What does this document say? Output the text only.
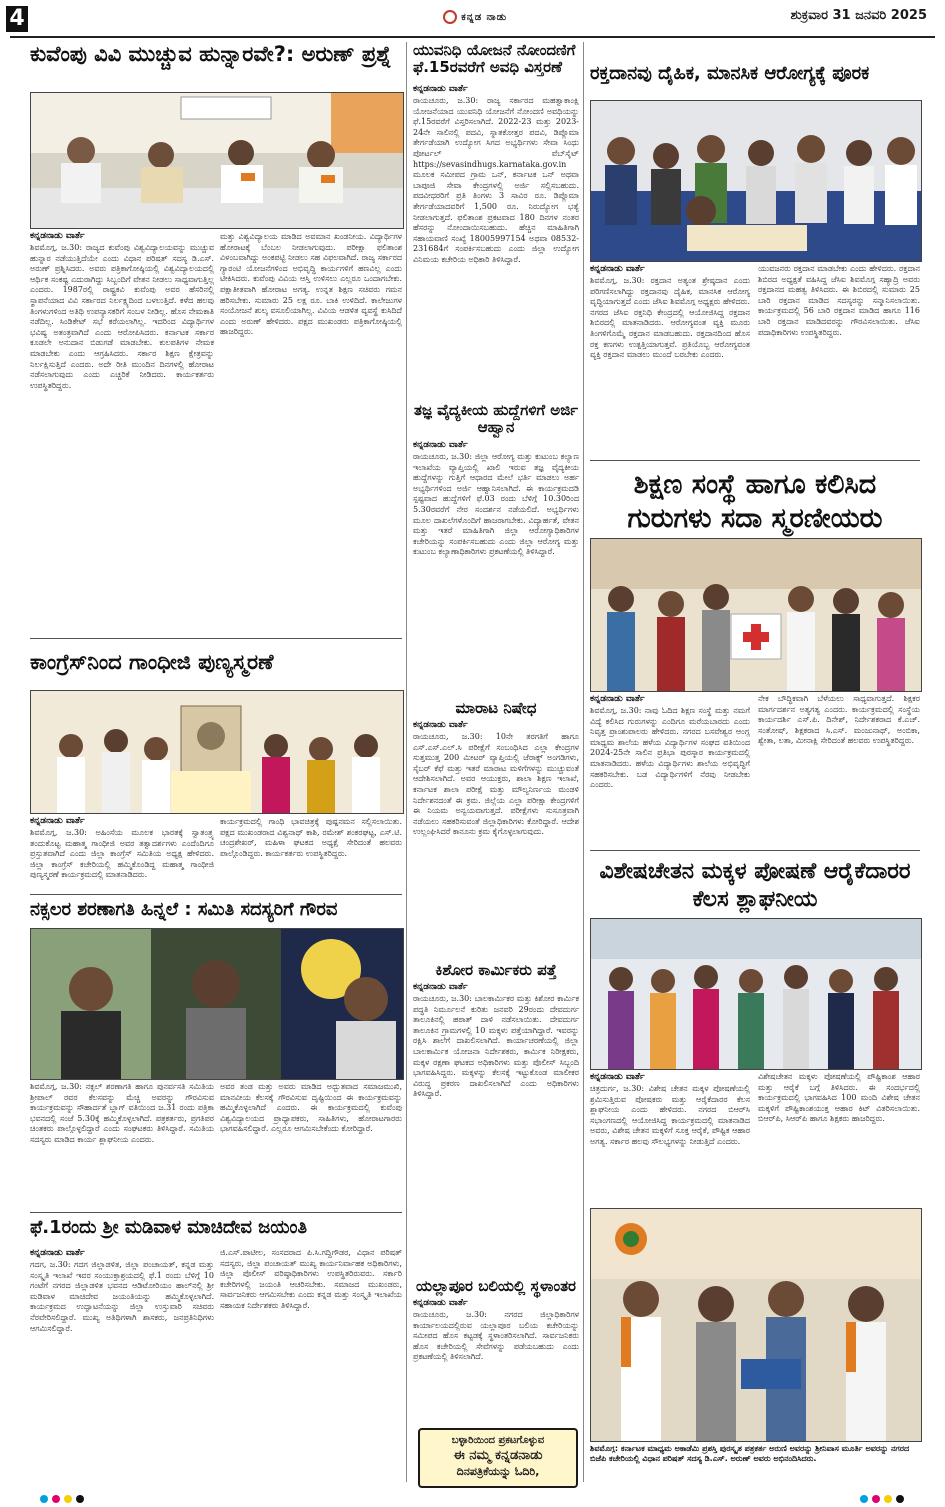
4	ಕನ್ನಡ ನಾಡು	ಶುಕ್ರವಾರ 31 ಜನವರಿ 2025
ಕುವೆಂಪು ವಿವಿ ಮುಚ್ಚುವ ಹುನ್ನಾರವೇ?: ಅರುಣ್ ಪ್ರಶ್ನೆ
ಕನ್ನಡನಾಡು ವಾರ್ತೆ
ಶಿವಮೊಗ್ಗ, ಜ.30: ರಾಜ್ಯದ ಕುವೆಂಪು ವಿಶ್ವವಿದ್ಯಾಲಯವನ್ನು ಮುಚ್ಚುವ ಹುನ್ನಾರ ನಡೆಯುತ್ತಿದೆಯೇ ಎಂದು ವಿಧಾನ ಪರಿಷತ್ ಸದಸ್ಯ ಡಿ.ಎಸ್. ಅರುಣ್ ಪ್ರಶ್ನಿಸಿದರು. ಅವರು ಪತ್ರಿಕಾಗೋಷ್ಠಿಯಲ್ಲಿ ವಿಶ್ವವಿದ್ಯಾಲಯದಲ್ಲಿ ಆರ್ಥಿಕ ಸಂಕಷ್ಟ ಎದುರಾಗಿದ್ದು ಸಿಬ್ಬಂದಿಗೆ ವೇತನ ನೀಡಲು ಸಾಧ್ಯವಾಗುತ್ತಿಲ್ಲ ಎಂದರು. 1987ರಲ್ಲಿ ರಾಷ್ಟ್ರಕವಿ ಕುವೆಂಪು ಅವರ ಹೆಸರಿನಲ್ಲಿ ಸ್ಥಾಪನೆಯಾದ ವಿವಿ ಸರ್ಕಾರದ ನಿರ್ಲಕ್ಷ್ಯದಿಂದ ಬಳಲುತ್ತಿದೆ. ಕಳೆದ ಹಲವು ತಿಂಗಳುಗಳಿಂದ ಅತಿಥಿ ಉಪನ್ಯಾಸಕರಿಗೆ ಸಂಬಳ ನೀಡಿಲ್ಲ. ಹೊಸ ನೇಮಕಾತಿ ನಡೆದಿಲ್ಲ. ಸಿಂಡಿಕೇಟ್ ಸಭೆ ಕರೆಯಲಾಗಿಲ್ಲ. ಇದರಿಂದ ವಿದ್ಯಾರ್ಥಿಗಳ ಭವಿಷ್ಯ ಅತಂತ್ರವಾಗಿದೆ ಎಂದು ಆರೋಪಿಸಿದರು. ಕರ್ನಾಟಕ ಸರ್ಕಾರ ಕೂಡಲೇ ಅನುದಾನ ಬಿಡುಗಡೆ ಮಾಡಬೇಕು. ಕುಲಪತಿಗಳ ನೇಮಕ ಮಾಡಬೇಕು ಎಂದು ಆಗ್ರಹಿಸಿದರು. ಸರ್ಕಾರ ಶಿಕ್ಷಣ ಕ್ಷೇತ್ರವನ್ನು ನಿರ್ಲಕ್ಷಿಸುತ್ತಿದೆ ಎಂದರು. ಅದೇ ರೀತಿ ಮುಂದಿನ ದಿನಗಳಲ್ಲಿ ಹೋರಾಟ ನಡೆಸಲಾಗುವುದು ಎಂದು ಎಚ್ಚರಿಕೆ ನೀಡಿದರು. ಕಾರ್ಯಕರ್ತರು ಉಪಸ್ಥಿತರಿದ್ದರು.
ಮತ್ತು ವಿಶ್ವವಿದ್ಯಾಲಯ ಮಾಡಿದ ಅವಮಾನ ಖಂಡನೀಯ. ವಿದ್ಯಾರ್ಥಿಗಳ ಹೋರಾಟಕ್ಕೆ ಬೆಂಬಲ ನೀಡಲಾಗುವುದು. ಪರೀಕ್ಷಾ ಫಲಿತಾಂಶ ವಿಳಂಬವಾಗಿದ್ದು ಅಂಕಪಟ್ಟಿ ನೀಡಲು ಸಹ ವಿಫಲವಾಗಿದೆ. ರಾಜ್ಯ ಸರ್ಕಾರದ ಗ್ಯಾರಂಟಿ ಯೋಜನೆಗಳಿಂದ ಅಭಿವೃದ್ಧಿ ಕಾರ್ಯಗಳಿಗೆ ಹಣವಿಲ್ಲ ಎಂದು ಟೀಕಿಸಿದರು. ಕುವೆಂಪು ವಿವಿಯ ಆಸ್ತಿ ಉಳಿಸಲು ಎಲ್ಲರೂ ಒಂದಾಗಬೇಕು. ಪಕ್ಷಾತೀತವಾಗಿ ಹೋರಾಟ ಅಗತ್ಯ. ಉನ್ನತ ಶಿಕ್ಷಣ ಸಚಿವರು ಗಮನ ಹರಿಸಬೇಕು. ಸುಮಾರು 25 ಲಕ್ಷ ರೂ. ಬಾಕಿ ಉಳಿದಿದೆ. ಕಾಲೇಜುಗಳ ಸಂಯೋಜನೆ ಶುಲ್ಕ ವಸೂಲಿಯಾಗಿಲ್ಲ. ವಿವಿಯ ಆಡಳಿತ ವ್ಯವಸ್ಥೆ ಕುಸಿದಿದೆ ಎಂದು ಅರುಣ್ ಹೇಳಿದರು. ಪಕ್ಷದ ಮುಖಂಡರು ಪತ್ರಿಕಾಗೋಷ್ಠಿಯಲ್ಲಿ ಹಾಜರಿದ್ದರು.
ಕಾಂಗ್ರೆಸ್‌ನಿಂದ ಗಾಂಧೀಜಿ ಪುಣ್ಯಸ್ಮರಣೆ
ಕನ್ನಡನಾಡು ವಾರ್ತೆ
ಶಿವಮೊಗ್ಗ, ಜ.30: ಅಹಿಂಸೆಯ ಮೂಲಕ ಭಾರತಕ್ಕೆ ಸ್ವಾತಂತ್ರ್ಯ ತಂದುಕೊಟ್ಟ ಮಹಾತ್ಮ ಗಾಂಧೀಜಿ ಅವರ ತತ್ವಾದರ್ಶಗಳು ಎಂದೆಂದಿಗೂ ಪ್ರಸ್ತುತವಾಗಿದೆ ಎಂದು ಜಿಲ್ಲಾ ಕಾಂಗ್ರೆಸ್ ಸಮಿತಿಯ ಅಧ್ಯಕ್ಷ ಹೇಳಿದರು. ಜಿಲ್ಲಾ ಕಾಂಗ್ರೆಸ್ ಕಚೇರಿಯಲ್ಲಿ ಹಮ್ಮಿಕೊಂಡಿದ್ದ ಮಹಾತ್ಮ ಗಾಂಧೀಜಿ ಪುಣ್ಯಸ್ಮರಣೆ ಕಾರ್ಯಕ್ರಮದಲ್ಲಿ ಮಾತನಾಡಿದರು.
ಕಾರ್ಯಕ್ರಮದಲ್ಲಿ ಗಾಂಧಿ ಭಾವಚಿತ್ರಕ್ಕೆ ಪುಷ್ಪನಮನ ಸಲ್ಲಿಸಲಾಯಿತು. ಪಕ್ಷದ ಮುಖಂಡರಾದ ವಿಶ್ವನಾಥ್ ಕಾಶಿ, ರಮೇಶ್ ಶಂಕರಘಟ್ಟ, ಎಸ್.ಟಿ. ಚಂದ್ರಶೇಖರ್, ಮಹಿಳಾ ಘಟಕದ ಅಧ್ಯಕ್ಷೆ ಸೇರಿದಂತೆ ಹಲವರು ಪಾಲ್ಗೊಂಡಿದ್ದರು. ಕಾರ್ಯಕರ್ತರು ಉಪಸ್ಥಿತರಿದ್ದರು.
ನಕ್ಸಲರ ಶರಣಾಗತಿ ಹಿನ್ನಲೆ : ಸಮಿತಿ ಸದಸ್ಯರಿಗೆ ಗೌರವ
ಶಿವಮೊಗ್ಗ, ಜ.30: ನಕ್ಸಲ್ ಶರಣಾಗತಿ ಹಾಗೂ ಪುನರ್ವಸತಿ ಸಮಿತಿಯ ಶ್ರೀಪಾಲ್ ರವರ ಕೆಲಸವನ್ನು ಮೆಚ್ಚಿ ಅವರನ್ನು ಗೌರವಿಸುವ ಕಾರ್ಯಕ್ರಮವನ್ನು ಸೌಹಾರ್ದತೆ ಬ್ಲಾಗ್ ವತಿಯಿಂದ ಜ.31 ರಂದು ಪತ್ರಿಕಾ ಭವನದಲ್ಲಿ ಸಂಜೆ 5.30ಕ್ಕೆ ಹಮ್ಮಿಕೊಳ್ಳಲಾಗಿದೆ. ಪತ್ರಕರ್ತರು, ಪ್ರಗತಿಪರ ಚಿಂತಕರು ಪಾಲ್ಗೊಳ್ಳಲಿದ್ದಾರೆ ಎಂದು ಸಂಘಟಕರು ತಿಳಿಸಿದ್ದಾರೆ. ಸಮಿತಿಯ ಸದಸ್ಯರು ಮಾಡಿದ ಕಾರ್ಯ ಶ್ಲಾಘನೀಯ ಎಂದರು.
ಅವರ ತಂಡ ಮತ್ತು ಅವರು ಮಾಡಿದ ಅದ್ಭುತವಾದ ಸಮಾಜಮುಖಿ, ಮಾನವೀಯ ಕೆಲಸಕ್ಕೆ ಗೌರವಿಸುವ ದೃಷ್ಟಿಯಿಂದ ಈ ಕಾರ್ಯಕ್ರಮವನ್ನು ಹಮ್ಮಿಕೊಳ್ಳಲಾಗಿದೆ ಎಂದರು. ಈ ಕಾರ್ಯಕ್ರಮದಲ್ಲಿ ಕುವೆಂಪು ವಿಶ್ವವಿದ್ಯಾಲಯದ ಪ್ರಾಧ್ಯಾಪಕರು, ಸಾಹಿತಿಗಳು, ಹೋರಾಟಗಾರರು ಭಾಗವಹಿಸಲಿದ್ದಾರೆ. ಎಲ್ಲರೂ ಆಗಮಿಸಬೇಕೆಂದು ಕೋರಿದ್ದಾರೆ.
ಫೆ.1ರಂದು ಶ್ರೀ ಮಡಿವಾಳ ಮಾಚಿದೇವ ಜಯಂತಿ
ಕನ್ನಡನಾಡು ವಾರ್ತೆ
ಗದಗ, ಜ.30: ಗದಗ ಜಿಲ್ಲಾಡಳಿತ, ಜಿಲ್ಲಾ ಪಂಚಾಯತ್, ಕನ್ನಡ ಮತ್ತು ಸಂಸ್ಕೃತಿ ಇಲಾಖೆ ಇವರ ಸಂಯುಕ್ತಾಶ್ರಯದಲ್ಲಿ ಫೆ.1 ರಂದು ಬೆಳಿಗ್ಗೆ 10 ಗಂಟೆಗೆ ನಗರದ ಜಿಲ್ಲಾಡಳಿತ ಭವನದ ಆಡಿಟೋರಿಯಂ ಹಾಲ್‌ನಲ್ಲಿ ಶ್ರೀ ಮಡಿವಾಳ ಮಾಚಿದೇವ ಜಯಂತಿಯನ್ನು ಹಮ್ಮಿಕೊಳ್ಳಲಾಗಿದೆ. ಕಾರ್ಯಕ್ರಮದ ಉದ್ಘಾಟನೆಯನ್ನು ಜಿಲ್ಲಾ ಉಸ್ತುವಾರಿ ಸಚಿವರು ನೆರವೇರಿಸಲಿದ್ದಾರೆ. ಮುಖ್ಯ ಅತಿಥಿಗಳಾಗಿ ಶಾಸಕರು, ಜನಪ್ರತಿನಿಧಿಗಳು ಆಗಮಿಸಲಿದ್ದಾರೆ.
ಜಿ.ಎಸ್.ಪಾಟೀಲ, ಸಂಸದರಾದ ಪಿ.ಸಿ.ಗದ್ದಿಗೌಡರ, ವಿಧಾನ ಪರಿಷತ್ ಸದಸ್ಯರು, ಜಿಲ್ಲಾ ಪಂಚಾಯತ್ ಮುಖ್ಯ ಕಾರ್ಯನಿರ್ವಾಹಕ ಅಧಿಕಾರಿಗಳು, ಜಿಲ್ಲಾ ಪೊಲೀಸ್ ವರಿಷ್ಠಾಧಿಕಾರಿಗಳು ಉಪಸ್ಥಿತರಿರುವರು. ಸರ್ಕಾರಿ ಕಚೇರಿಗಳಲ್ಲಿ ಜಯಂತಿ ಆಚರಿಸಬೇಕು. ಸಮಾಜದ ಮುಖಂಡರು, ಸಾರ್ವಜನಿಕರು ಆಗಮಿಸಬೇಕು ಎಂದು ಕನ್ನಡ ಮತ್ತು ಸಂಸ್ಕೃತಿ ಇಲಾಖೆಯ ಸಹಾಯಕ ನಿರ್ದೇಶಕರು ತಿಳಿಸಿದ್ದಾರೆ.
ಯುವನಿಧಿ ಯೋಜನೆ ನೋಂದಣಿಗೆ ಫೆ.15ರವರೆಗೆ ಅವಧಿ ವಿಸ್ತರಣೆ
ಕನ್ನಡನಾಡು ವಾರ್ತೆ
ರಾಯಚೂರು, ಜ.30: ರಾಜ್ಯ ಸರ್ಕಾರದ ಮಹತ್ವಾಕಾಂಕ್ಷಿ ಯೋಜನೆಯಾದ ಯುವನಿಧಿ ಯೋಜನೆಗೆ ನೋಂದಣಿ ಅವಧಿಯನ್ನು ಫೆ.15ರವರೆಗೆ ವಿಸ್ತರಿಸಲಾಗಿದೆ. 2022-23 ಮತ್ತು 2023-24ನೇ ಸಾಲಿನಲ್ಲಿ ಪದವಿ, ಸ್ನಾತಕೋತ್ತರ ಪದವಿ, ಡಿಪ್ಲೊಮಾ ತೇರ್ಗಡೆಯಾಗಿ ಉದ್ಯೋಗ ಸಿಗದ ಅಭ್ಯರ್ಥಿಗಳು ಸೇವಾ ಸಿಂಧು ಪೋರ್ಟಲ್ ವೆಬ್‌ಸೈಟ್ https://sevasindhugs.karnataka.gov.in ಮೂಲಕ ಸಮೀಪದ ಗ್ರಾಮ ಒನ್, ಕರ್ನಾಟಕ ಒನ್ ಅಥವಾ ಬಾಪೂಜಿ ಸೇವಾ ಕೇಂದ್ರಗಳಲ್ಲಿ ಅರ್ಜಿ ಸಲ್ಲಿಸಬಹುದು. ಪದವೀಧರರಿಗೆ ಪ್ರತಿ ತಿಂಗಳು 3 ಸಾವಿರ ರೂ. ಡಿಪ್ಲೊಮಾ ತೇರ್ಗಡೆಯಾದವರಿಗೆ 1,500 ರೂ. ನಿರುದ್ಯೋಗ ಭತ್ಯೆ ನೀಡಲಾಗುತ್ತದೆ. ಫಲಿತಾಂಶ ಪ್ರಕಟವಾದ 180 ದಿನಗಳ ನಂತರ ಹೆಸರನ್ನು ನೋಂದಾಯಿಸಬಹುದು. ಹೆಚ್ಚಿನ ಮಾಹಿತಿಗಾಗಿ ಸಹಾಯವಾಣಿ ಸಂಖ್ಯೆ 18005997154 ಅಥವಾ 08532-231684ಗೆ ಸಂಪರ್ಕಿಸಬಹುದು ಎಂದು ಜಿಲ್ಲಾ ಉದ್ಯೋಗ ವಿನಿಮಯ ಕಚೇರಿಯ ಅಧಿಕಾರಿ ತಿಳಿಸಿದ್ದಾರೆ.
ತಜ್ಞ ವೈದ್ಯಕೀಯ ಹುದ್ದೆಗಳಿಗೆ ಅರ್ಜಿ ಆಹ್ವಾನ
ಕನ್ನಡನಾಡು ವಾರ್ತೆ
ರಾಯಚೂರು, ಜ.30: ಜಿಲ್ಲಾ ಆರೋಗ್ಯ ಮತ್ತು ಕುಟುಂಬ ಕಲ್ಯಾಣ ಇಲಾಖೆಯ ವ್ಯಾಪ್ತಿಯಲ್ಲಿ ಖಾಲಿ ಇರುವ ತಜ್ಞ ವೈದ್ಯಕೀಯ ಹುದ್ದೆಗಳನ್ನು ಗುತ್ತಿಗೆ ಆಧಾರದ ಮೇಲೆ ಭರ್ತಿ ಮಾಡಲು ಅರ್ಹ ಅಭ್ಯರ್ಥಿಗಳಿಂದ ಅರ್ಜಿ ಆಹ್ವಾನಿಸಲಾಗಿದೆ. ಈ ಕಾರ್ಯಕ್ರಮದಡಿ ಸ್ಪಷ್ಟವಾದ ಹುದ್ದೆಗಳಿಗೆ ಫೆ.03 ರಂದು ಬೆಳಿಗ್ಗೆ 10.30ರಿಂದ 5.30ರವರೆಗೆ ನೇರ ಸಂದರ್ಶನ ನಡೆಯಲಿದೆ. ಅಭ್ಯರ್ಥಿಗಳು ಮೂಲ ದಾಖಲೆಗಳೊಂದಿಗೆ ಹಾಜರಾಗಬೇಕು. ವಿದ್ಯಾರ್ಹತೆ, ವೇತನ ಮತ್ತು ಇತರೆ ಮಾಹಿತಿಗಾಗಿ ಜಿಲ್ಲಾ ಆರೋಗ್ಯಾಧಿಕಾರಿಗಳ ಕಚೇರಿಯನ್ನು ಸಂಪರ್ಕಿಸಬಹುದು ಎಂದು ಜಿಲ್ಲಾ ಆರೋಗ್ಯ ಮತ್ತು ಕುಟುಂಬ ಕಲ್ಯಾಣಾಧಿಕಾರಿಗಳು ಪ್ರಕಟಣೆಯಲ್ಲಿ ತಿಳಿಸಿದ್ದಾರೆ.
ಮಾರಾಟ ನಿಷೇಧ
ಕನ್ನಡನಾಡು ವಾರ್ತೆ
ರಾಯಚೂರು, ಜ.30: 10ನೇ ತರಗತಿಗೆ ಹಾಗೂ ಎಸ್.ಎಸ್.ಎಲ್.ಸಿ ಪರೀಕ್ಷೆಗೆ ಸಂಬಂಧಿಸಿದ ಎಲ್ಲಾ ಕೇಂದ್ರಗಳ ಸುತ್ತಮುತ್ತ 200 ಮೀಟರ್ ವ್ಯಾಪ್ತಿಯಲ್ಲಿ ಜೆರಾಕ್ಸ್ ಅಂಗಡಿಗಳು, ಸೈಬರ್ ಕೆಫೆ ಮತ್ತು ಇತರೆ ಮಾರಾಟ ಮಳಿಗೆಗಳನ್ನು ಮುಚ್ಚುವಂತೆ ಆದೇಶಿಸಲಾಗಿದೆ. ಅವರ ಆಯುಕ್ತರು, ಶಾಲಾ ಶಿಕ್ಷಣ ಇಲಾಖೆ, ಕರ್ನಾಟಕ ಶಾಲಾ ಪರೀಕ್ಷೆ ಮತ್ತು ಮೌಲ್ಯನಿರ್ಣಯ ಮಂಡಳಿ ನಿರ್ದೇಶನದಂತೆ ಈ ಕ್ರಮ. ಜಿಲ್ಲೆಯ ಎಲ್ಲಾ ಪರೀಕ್ಷಾ ಕೇಂದ್ರಗಳಿಗೆ ಈ ನಿಯಮ ಅನ್ವಯವಾಗುತ್ತದೆ. ಪರೀಕ್ಷೆಗಳು ಸುಸೂತ್ರವಾಗಿ ನಡೆಯಲು ಸಹಕರಿಸುವಂತೆ ಜಿಲ್ಲಾಧಿಕಾರಿಗಳು ಕೋರಿದ್ದಾರೆ. ಆದೇಶ ಉಲ್ಲಂಘಿಸಿದರೆ ಕಾನೂನು ಕ್ರಮ ಕೈಗೊಳ್ಳಲಾಗುವುದು.
ಕಿಶೋರ ಕಾರ್ಮಿಕರು ಪತ್ತೆ
ಕನ್ನಡನಾಡು ವಾರ್ತೆ
ರಾಯಚೂರು, ಜ.30: ಬಾಲಕಾರ್ಮಿಕರ ಮತ್ತು ಕಿಶೋರ ಕಾರ್ಮಿಕ ಪದ್ಧತಿ ನಿರ್ಮೂಲನೆ ಕುರಿತು ಜನವರಿ 29ರಂದು ದೇವದುರ್ಗ ತಾಲೂಕಿನಲ್ಲಿ ಹಠಾತ್ ದಾಳಿ ನಡೆಸಲಾಯಿತು. ದೇವದುರ್ಗ ತಾಲೂಕಿನ ಗ್ರಾಮಗಳಲ್ಲಿ 10 ಮಕ್ಕಳು ಪತ್ತೆಯಾಗಿದ್ದಾರೆ. ಇವರನ್ನು ರಕ್ಷಿಸಿ ಶಾಲೆಗೆ ದಾಖಲಿಸಲಾಗಿದೆ. ಕಾರ್ಯಾಚರಣೆಯಲ್ಲಿ ಜಿಲ್ಲಾ ಬಾಲಕಾರ್ಮಿಕ ಯೋಜನಾ ನಿರ್ದೇಶಕರು, ಕಾರ್ಮಿಕ ನಿರೀಕ್ಷಕರು, ಮಕ್ಕಳ ರಕ್ಷಣಾ ಘಟಕದ ಅಧಿಕಾರಿಗಳು ಮತ್ತು ಪೊಲೀಸ್ ಸಿಬ್ಬಂದಿ ಭಾಗವಹಿಸಿದ್ದರು. ಮಕ್ಕಳನ್ನು ಕೆಲಸಕ್ಕೆ ಇಟ್ಟುಕೊಂಡ ಮಾಲೀಕರ ವಿರುದ್ಧ ಪ್ರಕರಣ ದಾಖಲಿಸಲಾಗಿದೆ ಎಂದು ಅಧಿಕಾರಿಗಳು ತಿಳಿಸಿದ್ದಾರೆ.
ಯಲ್ಲಾಪೂರ ಬಲಿಯಲ್ಲಿ ಸ್ಥಳಾಂತರ
ಕನ್ನಡನಾಡು ವಾರ್ತೆ
ರಾಯಚೂರು, ಜ.30: ನಗರದ ಜಿಲ್ಲಾಧಿಕಾರಿಗಳ ಕಾರ್ಯಾಲಯದಲ್ಲಿರುವ ಯಲ್ಲಾಪೂರ ಬಲಿಯ ಕಚೇರಿಯನ್ನು ಸಮೀಪದ ಹೊಸ ಕಟ್ಟಡಕ್ಕೆ ಸ್ಥಳಾಂತರಿಸಲಾಗಿದೆ. ಸಾರ್ವಜನಿಕರು ಹೊಸ ಕಚೇರಿಯಲ್ಲಿ ಸೇವೆಗಳನ್ನು ಪಡೆಯಬಹುದು ಎಂದು ಪ್ರಕಟಣೆಯಲ್ಲಿ ತಿಳಿಸಲಾಗಿದೆ.
ಬಳ್ಳಾರಿಯಿಂದ ಪ್ರಕಟಗೊಳ್ಳುವ
ಈ ನಮ್ಮ ಕನ್ನಡನಾಡು
ದಿನಪತ್ರಿಕೆಯನ್ನು ಓದಿರಿ,
ರಕ್ತದಾನವು ದೈಹಿಕ, ಮಾನಸಿಕ ಆರೋಗ್ಯಕ್ಕೆ ಪೂರಕ
ಕನ್ನಡನಾಡು ವಾರ್ತೆ
ಶಿವಮೊಗ್ಗ, ಜ.30: ರಕ್ತದಾನ ಅತ್ಯಂತ ಶ್ರೇಷ್ಠದಾನ ಎಂದು ಪರಿಗಣಿಸಲಾಗಿದ್ದು ರಕ್ತದಾನವು ದೈಹಿಕ, ಮಾನಸಿಕ ಆರೋಗ್ಯ ವೃದ್ಧಿಯಾಗುತ್ತದೆ ಎಂದು ಜೆಸಿಐ ಶಿವಮೊಗ್ಗ ಅಧ್ಯಕ್ಷರು ಹೇಳಿದರು. ನಗರದ ಜೆಸಿಐ ರಕ್ತನಿಧಿ ಕೇಂದ್ರದಲ್ಲಿ ಆಯೋಜಿಸಿದ್ದ ರಕ್ತದಾನ ಶಿಬಿರದಲ್ಲಿ ಮಾತನಾಡಿದರು. ಆರೋಗ್ಯವಂತ ವ್ಯಕ್ತಿ ಮೂರು ತಿಂಗಳಿಗೊಮ್ಮೆ ರಕ್ತದಾನ ಮಾಡಬಹುದು. ರಕ್ತದಾನದಿಂದ ಹೊಸ ರಕ್ತ ಕಣಗಳು ಉತ್ಪತ್ತಿಯಾಗುತ್ತವೆ. ಪ್ರತಿಯೊಬ್ಬ ಆರೋಗ್ಯವಂತ ವ್ಯಕ್ತಿ ರಕ್ತದಾನ ಮಾಡಲು ಮುಂದೆ ಬರಬೇಕು ಎಂದರು.
ಯುವಜನರು ರಕ್ತದಾನ ಮಾಡಬೇಕು ಎಂದು ಹೇಳಿದರು. ರಕ್ತದಾನ ಶಿಬಿರದ ಅಧ್ಯಕ್ಷತೆ ವಹಿಸಿದ್ದ ಜೆಸಿಐ ಶಿವಮೊಗ್ಗ ಸಹ್ಯಾದ್ರಿ ಅವರು ರಕ್ತದಾನದ ಮಹತ್ವ ತಿಳಿಸಿದರು. ಈ ಶಿಬಿರದಲ್ಲಿ ಸುಮಾರು 25 ಬಾರಿ ರಕ್ತದಾನ ಮಾಡಿದ ಸದಸ್ಯರನ್ನು ಸನ್ಮಾನಿಸಲಾಯಿತು. ಕಾರ್ಯಕ್ರಮದಲ್ಲಿ 56 ಬಾರಿ ರಕ್ತದಾನ ಮಾಡಿದ ಹಾಗೂ 116 ಬಾರಿ ರಕ್ತದಾನ ಮಾಡಿದವರನ್ನು ಗೌರವಿಸಲಾಯಿತು. ಜೆಸಿಐ ಪದಾಧಿಕಾರಿಗಳು ಉಪಸ್ಥಿತರಿದ್ದರು.
ಶಿಕ್ಷಣ ಸಂಸ್ಥೆ ಹಾಗೂ ಕಲಿಸಿದ ಗುರುಗಳು ಸದಾ ಸ್ಮರಣೀಯರು
ಕನ್ನಡನಾಡು ವಾರ್ತೆ
ಶಿವಮೊಗ್ಗ, ಜ.30: ನಾವು ಓದಿದ ಶಿಕ್ಷಣ ಸಂಸ್ಥೆ ಮತ್ತು ನಮಗೆ ವಿದ್ಯೆ ಕಲಿಸಿದ ಗುರುಗಳನ್ನು ಎಂದಿಗೂ ಮರೆಯಬಾರದು ಎಂದು ನಿವೃತ್ತ ಪ್ರಾಂಶುಪಾಲರು ಹೇಳಿದರು. ನಗರದ ಬಸವೇಶ್ವರ ಆಂಗ್ಲ ಮಾಧ್ಯಮ ಶಾಲೆಯ ಹಳೆಯ ವಿದ್ಯಾರ್ಥಿಗಳ ಸಂಘದ ವತಿಯಿಂದ 2024-25ನೇ ಸಾಲಿನ ಪ್ರತಿಭಾ ಪುರಸ್ಕಾರ ಕಾರ್ಯಕ್ರಮದಲ್ಲಿ ಮಾತನಾಡಿದರು. ಹಳೆಯ ವಿದ್ಯಾರ್ಥಿಗಳು ಶಾಲೆಯ ಅಭಿವೃದ್ಧಿಗೆ ಸಹಕರಿಸಬೇಕು. ಬಡ ವಿದ್ಯಾರ್ಥಿಗಳಿಗೆ ನೆರವು ನೀಡಬೇಕು ಎಂದರು.
ನೇಕ ಬೌದ್ಧಿಕವಾಗಿ ಬೆಳೆಯಲು ಸಾಧ್ಯವಾಗುತ್ತದೆ. ಶಿಕ್ಷಕರ ಮಾರ್ಗದರ್ಶನ ಅತ್ಯಗತ್ಯ ಎಂದರು. ಕಾರ್ಯಕ್ರಮದಲ್ಲಿ ಸಂಸ್ಥೆಯ ಕಾರ್ಯದರ್ಶಿ ಎಸ್.ಪಿ. ದಿನೇಶ್, ನಿರ್ದೇಶಕರಾದ ಕೆ.ಎಚ್. ಸಂತೋಷ್, ಶಿಕ್ಷಕರಾದ ಸಿ.ಎಸ್. ಮಂಜುನಾಥ್, ಅಂಬಿಕಾ, ಶ್ವೇತಾ, ಲತಾ, ಮೀನಾಕ್ಷಿ ಸೇರಿದಂತೆ ಹಲವರು ಉಪಸ್ಥಿತರಿದ್ದರು.
ವಿಶೇಷಚೇತನ ಮಕ್ಕಳ ಪೋಷಣೆ ಆರೈಕೆದಾರರ ಕೆಲಸ ಶ್ಲಾಘನೀಯ
ಕನ್ನಡನಾಡು ವಾರ್ತೆ
ಚಿತ್ರದುರ್ಗ, ಜ.30: ವಿಶೇಷ ಚೇತನ ಮಕ್ಕಳ ಪೋಷಣೆಯಲ್ಲಿ ಶ್ರಮಿಸುತ್ತಿರುವ ಪೋಷಕರು ಮತ್ತು ಆರೈಕೆದಾರರ ಕೆಲಸ ಶ್ಲಾಘನೀಯ ಎಂದು ಹೇಳಿದರು. ನಗರದ ಬಿಆರ್‌ಸಿ ಸಭಾಂಗಣದಲ್ಲಿ ಆಯೋಜಿಸಿದ್ದ ಕಾರ್ಯಕ್ರಮದಲ್ಲಿ ಮಾತನಾಡಿದ ಅವರು, ವಿಶೇಷ ಚೇತನ ಮಕ್ಕಳಿಗೆ ಸೂಕ್ತ ಆರೈಕೆ, ಪೌಷ್ಟಿಕ ಆಹಾರ ಅಗತ್ಯ. ಸರ್ಕಾರ ಹಲವು ಸೌಲಭ್ಯಗಳನ್ನು ನೀಡುತ್ತಿದೆ ಎಂದರು.
ವಿಶೇಷಚೇತನ ಮಕ್ಕಳು ಪೋಷಣೆಯಲ್ಲಿ ಪೌಷ್ಟಿಕಾಂಶ ಆಹಾರ ಮತ್ತು ಆರೈಕೆ ಬಗ್ಗೆ ತಿಳಿಸಿದರು. ಈ ಸಂದರ್ಭದಲ್ಲಿ ಕಾರ್ಯಕ್ರಮದಲ್ಲಿ ಭಾಗವಹಿಸಿದ 100 ಮಂದಿ ವಿಶೇಷ ಚೇತನ ಮಕ್ಕಳಿಗೆ ಪೌಷ್ಟಿಕಾಂಶಯುಕ್ತ ಆಹಾರ ಕಿಟ್ ವಿತರಿಸಲಾಯಿತು. ಬಿಆರ್‌ಪಿ, ಸಿಆರ್‌ಪಿ ಹಾಗೂ ಶಿಕ್ಷಕರು ಹಾಜರಿದ್ದರು.
ಶಿವಮೊಗ್ಗ: ಕರ್ನಾಟಕ ಮಾಧ್ಯಮ ಅಕಾಡೆಮಿ ಪ್ರಶಸ್ತಿ ಪುರಸ್ಕೃತ ಪತ್ರಕರ್ತ ಅರುಣಿ ಅವರನ್ನು ಶ್ರೀನಿವಾಸ ಮೂರ್ತಿ ಅವರನ್ನು ನಗರದ ಬಿಜೆಪಿ ಕಚೇರಿಯಲ್ಲಿ ವಿಧಾನ ಪರಿಷತ್ ಸದಸ್ಯ ಡಿ.ಎಸ್. ಅರುಣ್ ಅವರು ಅಭಿನಂದಿಸಿದರು.
